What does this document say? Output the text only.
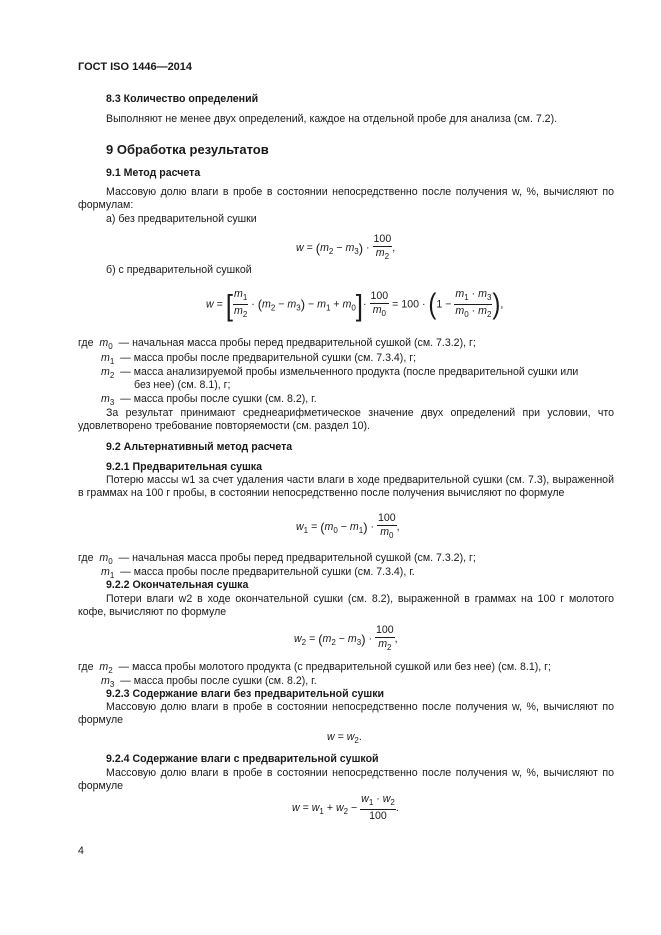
ГОСТ ISO 1446—2014
8.3 Количество определений
Выполняют не менее двух определений, каждое на отдельной пробе для анализа (см. 7.2).
9 Обработка результатов
9.1 Метод расчета
Массовую долю влаги в пробе в состоянии непосредственно после получения w, %, вычисляют по формулам:
а) без предварительной сушки
$w = (m_2 - m_3) \cdot \frac{100}{m_2}$ ,
б) с предварительной сушкой
w = [ $\frac{m_1}{m_2} \cdot (m_2 - m_3) - m_1 + m_0]\cdot \frac{100}{m_0} = 100 \cdot (1 - \frac{m_1 \cdot m_3}{m_0 \cdot m_2}$ ),
где $m_0$ — начальная масса пробы перед предварительной сушкой (см. 7.3.2), г;
$m_1$ — масса пробы после предварительной сушки (см. 7.3.4), г;
$m_2$ — масса анализируемой пробы измельченного продукта (после предварительной сушки или
без нее) (см. 8.1), г;
$m_3$ — масса пробы после сушки (см. 8.2), г.
За результат принимают среднеарифметическое значение двух определений при условии, что удовлетворено требование повторяемости (см. раздел 10).
9.2 Альтернативный метод расчета
9.2.1 Предварительная сушка
Потерю массы w1 за счет удаления части влаги в ходе предварительной сушки (см. 7.3), выраженной в граммах на 100 г пробы, в состоянии непосредственно после получения вычисляют по формуле
$w_1 = (m_0 - m_1) \cdot \frac{100}{m_0}$ ,
где $m_0$ — начальная масса пробы перед предварительной сушкой (см. 7.3.2), г;
$m_1$ — масса пробы после предварительной сушки (см. 7.3.4), г.
9.2.2 Окончательная сушка
Потери влаги w2 в ходе окончательной сушки (см. 8.2), выраженной в граммах на 100 г молотого кофе, вычисляют по формуле
$w_2 = (m_2 - m_3) \cdot \frac{100}{m_2}$ ,
где $m_2$ — масса пробы молотого продукта (с предварительной сушкой или без нее) (см. 8.1), г;
$m_3$ — масса пробы после сушки (см. 8.2), г.
9.2.3 Содержание влаги без предварительной сушки
Массовую долю влаги в пробе в состоянии непосредственно после получения w, %, вычисляют по формуле
$w = w_2$.
9.2.4 Содержание влаги с предварительной сушкой
Массовую долю влаги в пробе в состоянии непосредственно после получения w, %, вычисляют по формуле
$w = w_1 + w_2 - \frac{w_1 \cdot w_2}{100}$ .
4
